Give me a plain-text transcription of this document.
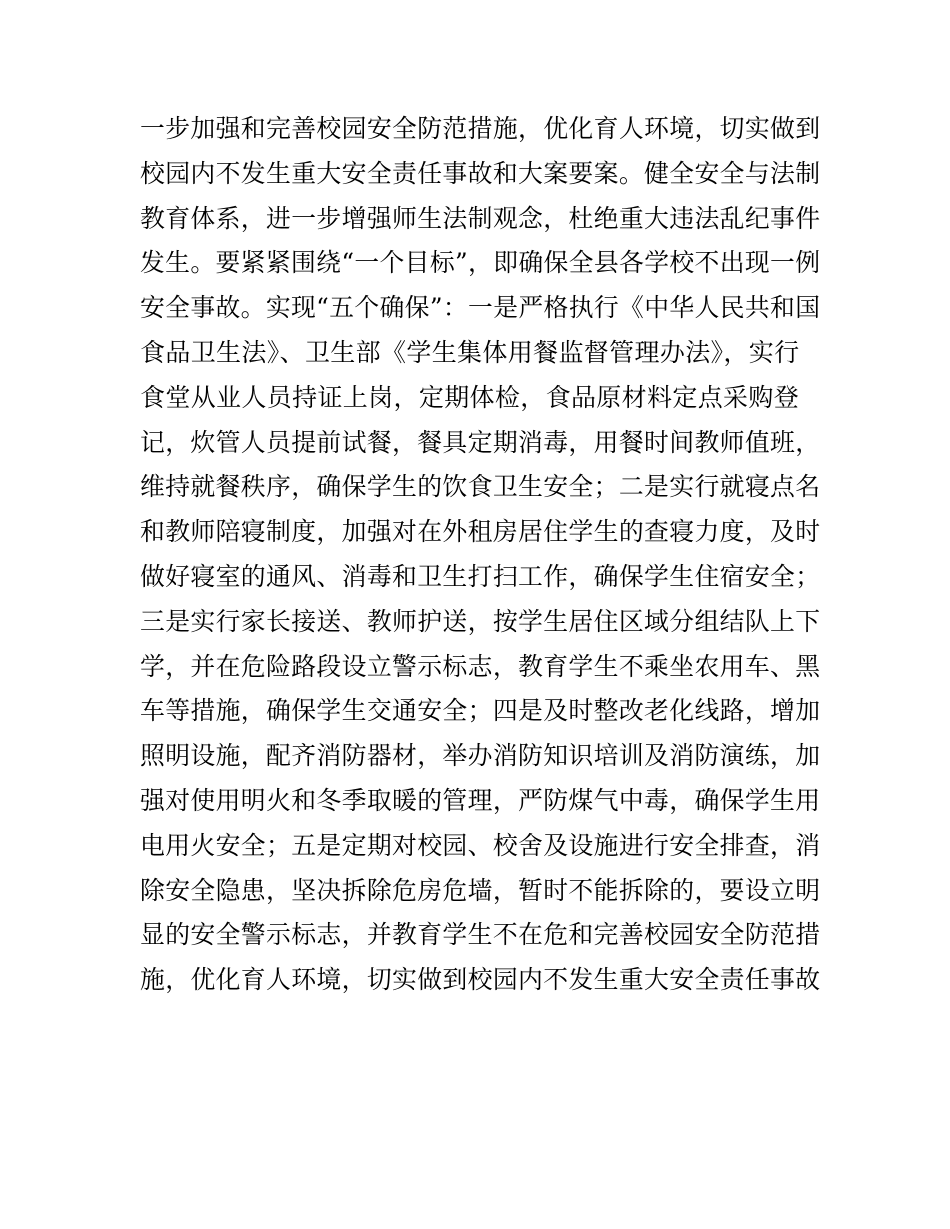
一步加强和完善校园安全防范措施，优化育人环境，切实做到
校园内不发生重大安全责任事故和大案要案。健全安全与法制
教育体系，进一步增强师生法制观念，杜绝重大违法乱纪事件
发生。要紧紧围绕“一个目标”，即确保全县各学校不出现一例
安全事故。实现“五个确保”：一是严格执行《中华人民共和国
食品卫生法》、卫生部《学生集体用餐监督管理办法》，实行
食堂从业人员持证上岗，定期体检，食品原材料定点采购登
记，炊管人员提前试餐，餐具定期消毒，用餐时间教师值班，
维持就餐秩序，确保学生的饮食卫生安全；二是实行就寝点名
和教师陪寝制度，加强对在外租房居住学生的查寝力度，及时
做好寝室的通风、消毒和卫生打扫工作，确保学生住宿安全；
三是实行家长接送、教师护送，按学生居住区域分组结队上下
学，并在危险路段设立警示标志，教育学生不乘坐农用车、黑
车等措施，确保学生交通安全；四是及时整改老化线路，增加
照明设施，配齐消防器材，举办消防知识培训及消防演练，加
强对使用明火和冬季取暖的管理，严防煤气中毒，确保学生用
电用火安全；五是定期对校园、校舍及设施进行安全排查，消
除安全隐患，坚决拆除危房危墙，暂时不能拆除的，要设立明
显的安全警示标志，并教育学生不在危和完善校园安全防范措
施，优化育人环境，切实做到校园内不发生重大安全责任事故
